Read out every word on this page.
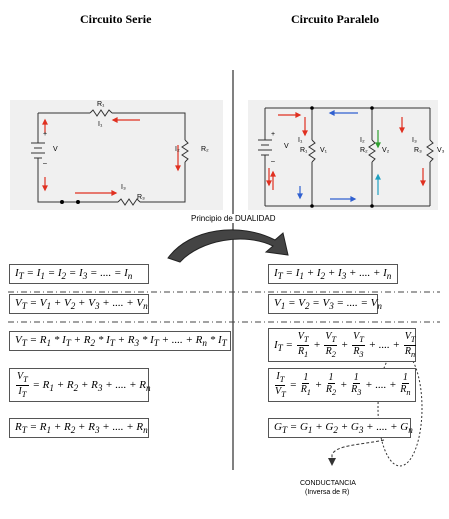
Circuito Serie	Circuito Paralelo
R₁
I₁
V
+
–
I₂	R₂
I₃
R₃
V
+
–
I₁
R₁ V₁
I₂
R₂ V₂
I₃
R₃ V₃
Principio de DUALIDAD
$I_T = I_1 = I_2 = I_3$ = .... = $I_n$
$V_T = V_1 + V_2 + V_3$ + .... + $V_n$
$V_T = R_1 * I_T + R_2 * I_T + R_3 * I_T$ + .... + $R_n * I_T$
$\frac{V_T}{I_T} = R_1 + R_2 + R_3$ + .... + $R_n$
$R_T = R_1 + R_2 + R_3$ + .... + $R_n$
$I_T = I_1 + I_2 + I_3$ + .... + $I_n$
$V_1 = V_2 = V_3$ = .... = $V_n$
$I_T = \frac{V_T}{R_1} + \frac{V_T}{R_2} + \frac{V_T}{R_3}$ + .... + $\frac{V_T}{R_n}$
$\frac{I_T}{V_T} = \frac{1}{R_1} + \frac{1}{R_2} + \frac{1}{R_3}$ + .... + $\frac{1}{R_n}$
$G_T = G_1 + G_2 + G_3$ + .... + $G_n$
CONDUCTANCIA
(Inversa de R)
